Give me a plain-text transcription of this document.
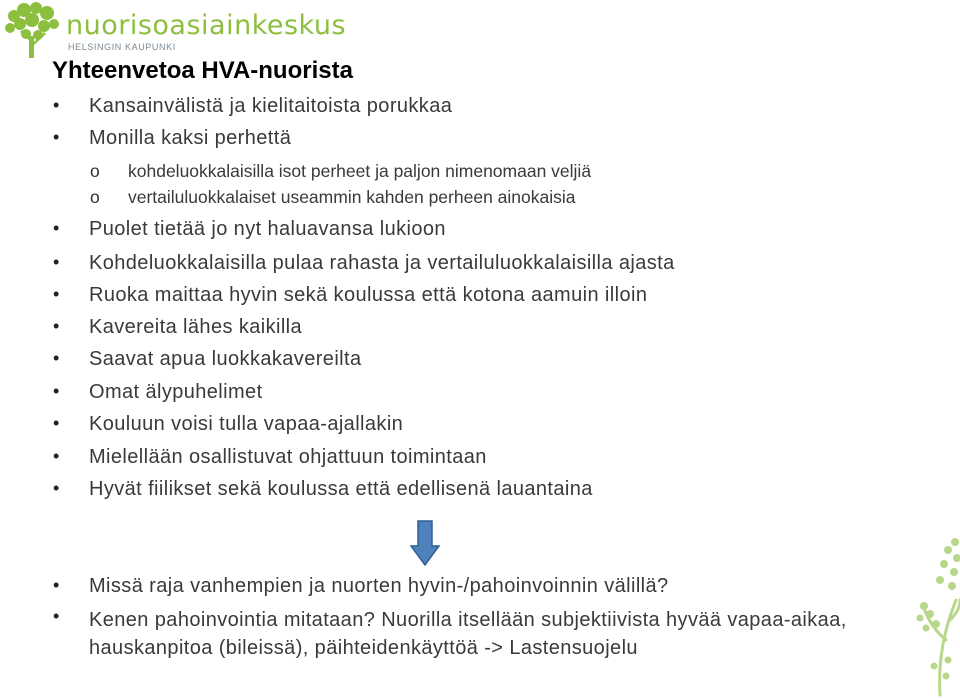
nuorisoasiainkeskus
HELSINGIN KAUPUNKI
Yhteenvetoa HVA-nuorista
• Kansainvälistä ja kielitaitoista porukkaa
• Monilla kaksi perhettä
o kohdeluokkalaisilla isot perheet ja paljon nimenomaan veljiä
o vertailuluokkalaiset useammin kahden perheen ainokaisia
• Puolet tietää jo nyt haluavansa lukioon
• Kohdeluokkalaisilla pulaa rahasta ja vertailuluokkalaisilla ajasta
• Ruoka maittaa hyvin sekä koulussa että kotona aamuin illoin
• Kavereita lähes kaikilla
• Saavat apua luokkakavereilta
• Omat älypuhelimet
• Kouluun voisi tulla vapaa-ajallakin
• Mielellään osallistuvat ohjattuun toimintaan
• Hyvät fiilikset sekä koulussa että edellisenä lauantaina
• Missä raja vanhempien ja nuorten hyvin-/pahoinvoinnin välillä?
• Kenen pahoinvointia mitataan? Nuorilla itsellään subjektiivista hyvää vapaa-aikaa, hauskanpitoa (bileissä), päihteidenkäyttöä -> Lastensuojelu
